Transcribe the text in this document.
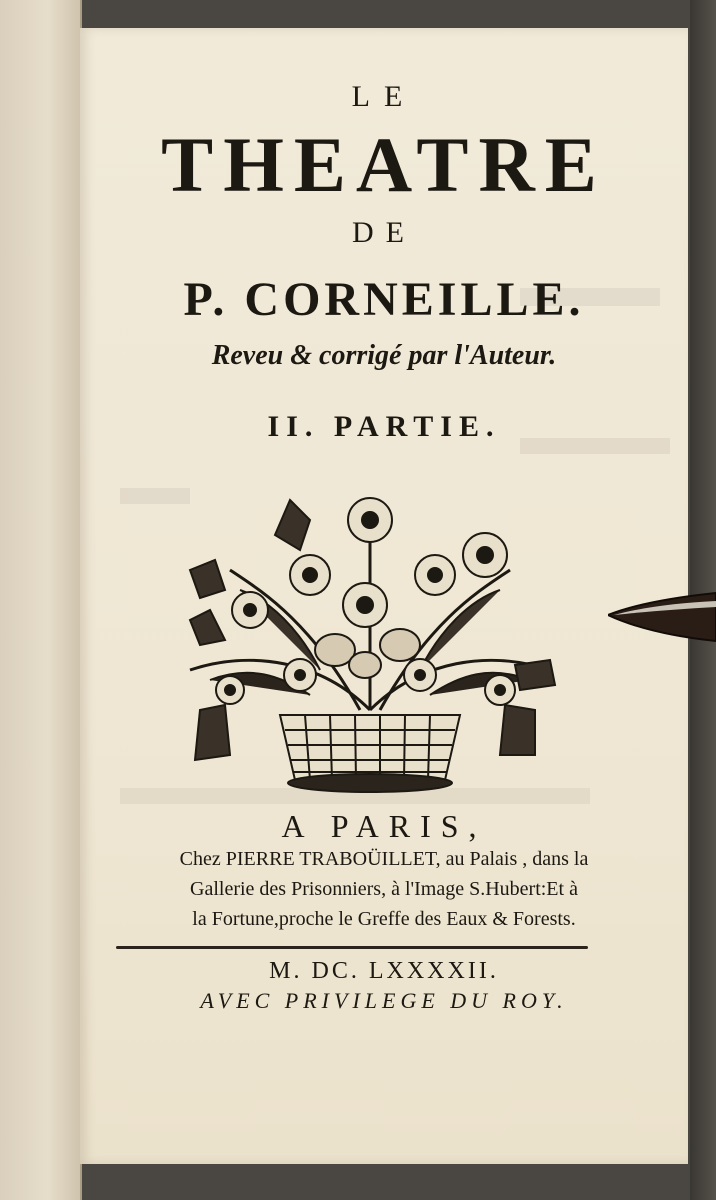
LE
THEATRE
DE
P. CORNEILLE.
Reveu & corrigé par l'Auteur.
II. PARTIE.
A PARIS,
Chez PIERRE TRABOÜILLET, au Palais , dans la
Gallerie des Prisonniers, à l'Image S.Hubert:Et à
la Fortune,proche le Greffe des Eaux & Forests.
M. DC. LXXXXII.
AVEC PRIVILEGE DU ROY.
